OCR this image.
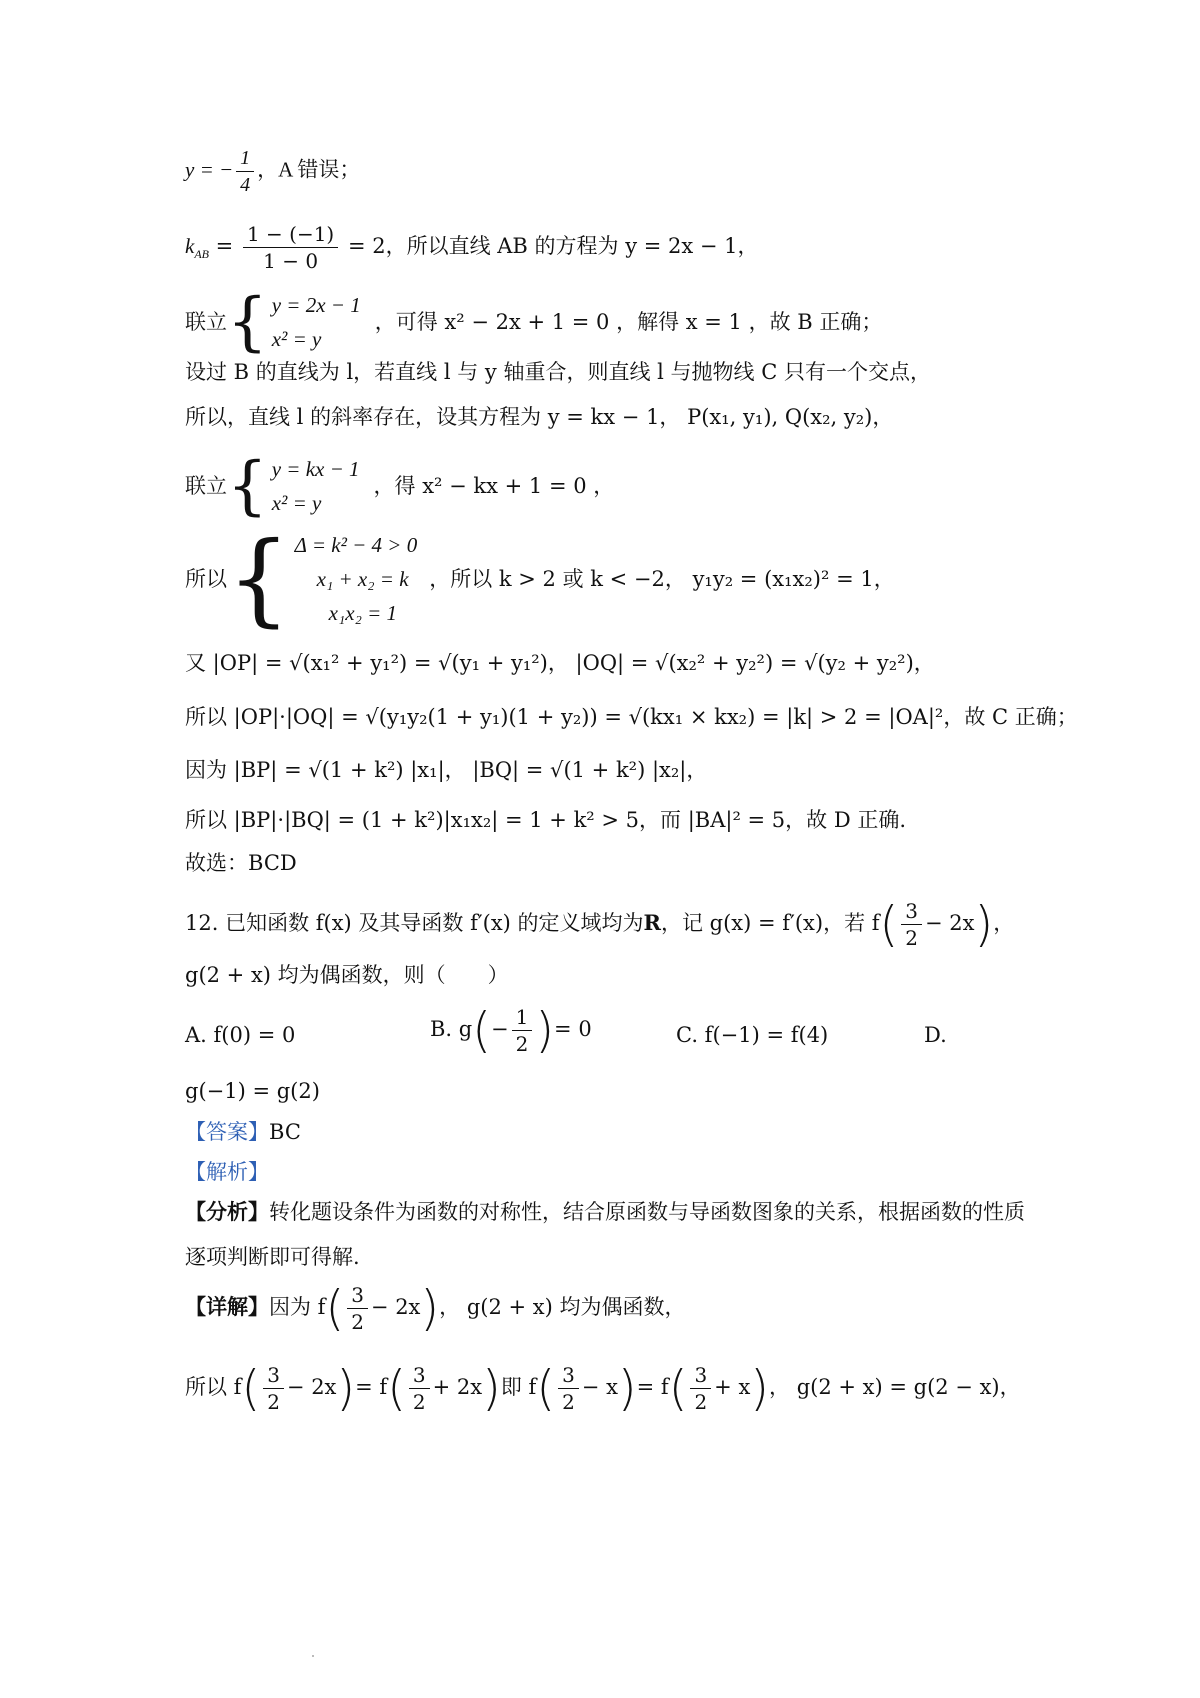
y = − $\frac{1}{4}$ ，A 错误；
$k_{AB} = \frac{1 - (-1)}{1 - 0} = 2$，所以直线 AB 的方程为 y = 2x − 1，
联立 { y = 2x − 1
x² = y
，可得 x² − 2x + 1 = 0 ，解得 x = 1 ，故 B 正确；
设过 B 的直线为 l，若直线 l 与 y 轴重合，则直线 l 与抛物线 C 只有一个交点，
所以，直线 l 的斜率存在，设其方程为 y = kx − 1， P(x₁, y₁), Q(x₂, y₂)，
联立 { y = kx − 1
x² = y
，得 x² − kx + 1 = 0 ，
所以 { Δ = k² − 4 > 0
x₁ + x₂ = k
x₁x₂ = 1
，所以 k > 2 或 k < −2， y₁y₂ = (x₁x₂)² = 1，
又 |OP| = √(x₁² + y₁²) = √(y₁ + y₁²)， |OQ| = √(x₂² + y₂²) = √(y₂ + y₂²)，
所以 |OP|·|OQ| = √(y₁y₂(1 + y₁)(1 + y₂)) = √(kx₁ × kx₂) = |k| > 2 = |OA|²，故 C 正确；
因为 |BP| = √(1 + k²) |x₁|， |BQ| = √(1 + k²) |x₂|，
所以 |BP|·|BQ| = (1 + k²)|x₁x₂| = 1 + k² > 5，而 |BA|² = 5，故 D 正确.
故选：BCD
12. 已知函数 f(x) 及其导函数 f′(x) 的定义域均为R，记 g(x) = f′(x)，若 $f( \frac{3}{2} - 2x)$，
g(2 + x) 均为偶函数，则（　　）
A. f(0) = 0	B. $g(- \frac{1}{2}$ )= 0	C. f(−1) = f(4)	D.
g(−1) = g(2)
【答案】BC
【解析】
【分析】转化题设条件为函数的对称性，结合原函数与导函数图象的关系，根据函数的性质
逐项判断即可得解.
【详解】因为 $f( \frac{3}{2} - 2x)$， g(2 + x) 均为偶函数，
所以 $f( \frac{3}{2} - 2x)= f( \frac{3}{2} + 2x)$即 $f( \frac{3}{2} - x)= f( \frac{3}{2} + x)$， g(2 + x) = g(2 − x)，
